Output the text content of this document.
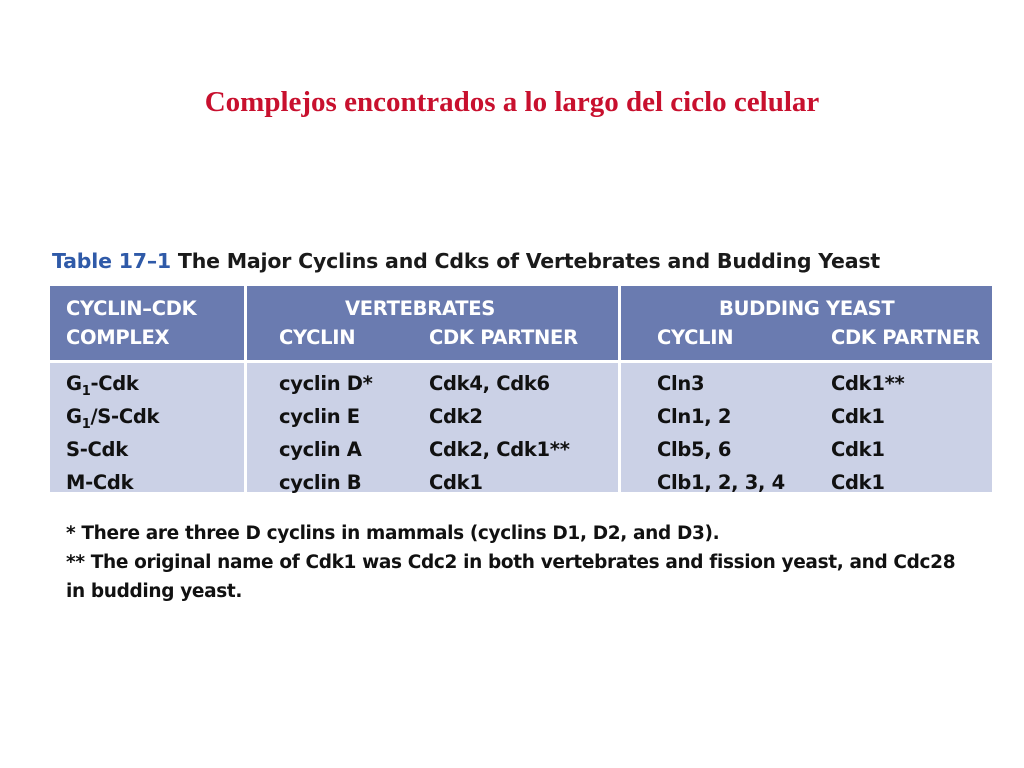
Complejos encontrados a lo largo del ciclo celular
Table 17–1 The Major Cyclins and Cdks of Vertebrates and Budding Yeast
CYCLIN–CDK
COMPLEX
VERTEBRATES
CYCLIN	CDK PARTNER
BUDDING YEAST
CYCLIN	CDK PARTNER
$G_1$-Cdk
$G_1/S$-Cdk
S-Cdk
M-Cdk
cyclin D*
cyclin E
cyclin A
cyclin B
Cdk4, Cdk6
Cdk2
Cdk2, Cdk1**
Cdk1
Cln3
Cln1, 2
Clb5, 6
Clb1, 2, 3, 4
Cdk1**
Cdk1
Cdk1
Cdk1
* There are three D cyclins in mammals (cyclins D1, D2, and D3).
** The original name of Cdk1 was Cdc2 in both vertebrates and fission yeast, and Cdc28
in budding yeast.
